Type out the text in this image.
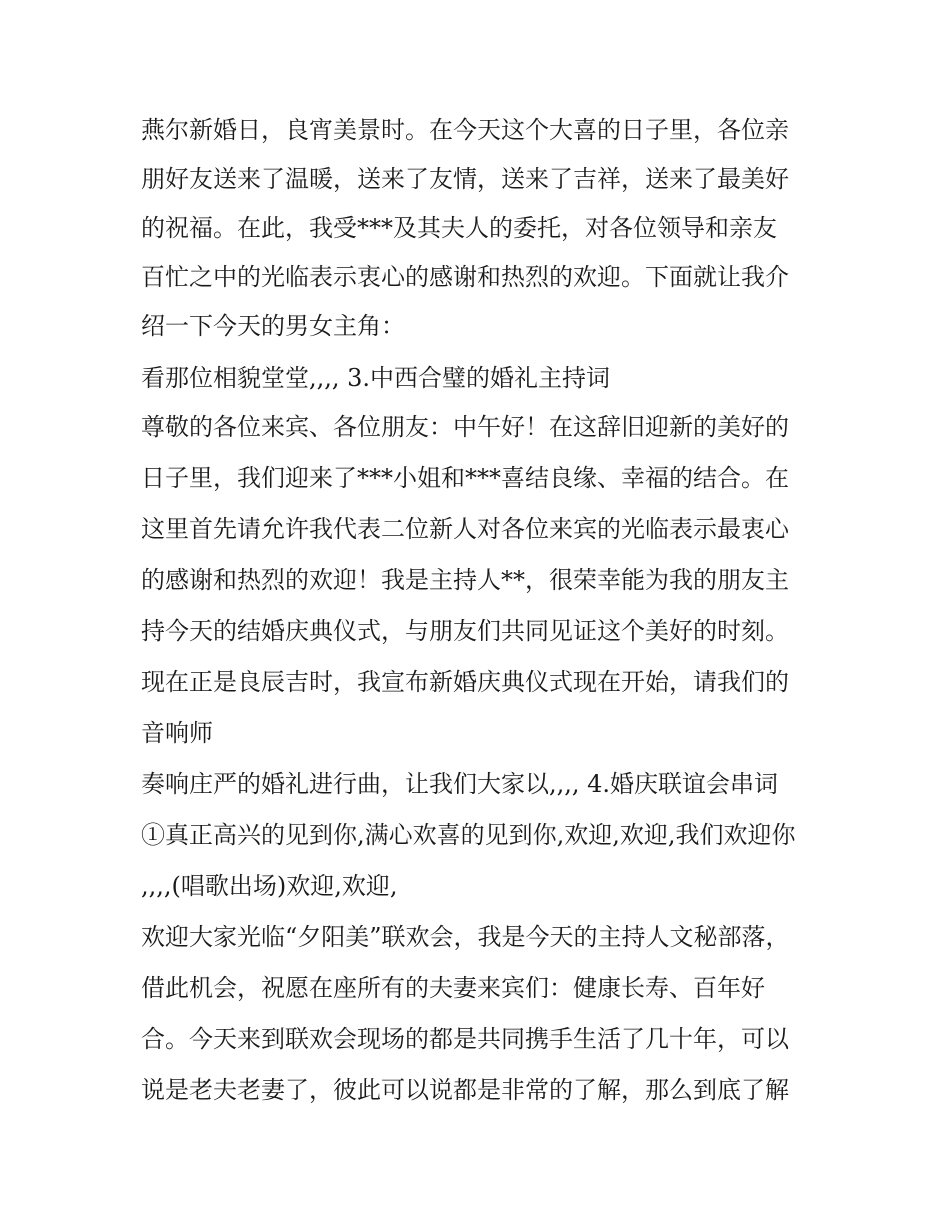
燕尔新婚日，良宵美景时。在今天这个大喜的日子里，各位亲
朋好友送来了温暖，送来了友情，送来了吉祥，送来了最美好
的祝福。在此，我受***及其夫人的委托，对各位领导和亲友
百忙之中的光临表示衷心的感谢和热烈的欢迎。下面就让我介
绍一下今天的男女主角：
看那位相貌堂堂,,,, 3.中西合璧的婚礼主持词
尊敬的各位来宾、各位朋友：中午好！在这辞旧迎新的美好的
日子里，我们迎来了***小姐和***喜结良缘、幸福的结合。在
这里首先请允许我代表二位新人对各位来宾的光临表示最衷心
的感谢和热烈的欢迎！我是主持人**，很荣幸能为我的朋友主
持今天的结婚庆典仪式，与朋友们共同见证这个美好的时刻。
现在正是良辰吉时，我宣布新婚庆典仪式现在开始，请我们的
音响师
奏响庄严的婚礼进行曲，让我们大家以,,,, 4.婚庆联谊会串词
①真正高兴的见到你,满心欢喜的见到你,欢迎,欢迎,我们欢迎你
,,,,(唱歌出场)欢迎,欢迎,
欢迎大家光临“夕阳美”联欢会，我是今天的主持人文秘部落，
借此机会，祝愿在座所有的夫妻来宾们：健康长寿、百年好
合。今天来到联欢会现场的都是共同携手生活了几十年，可以
说是老夫老妻了，彼此可以说都是非常的了解，那么到底了解
